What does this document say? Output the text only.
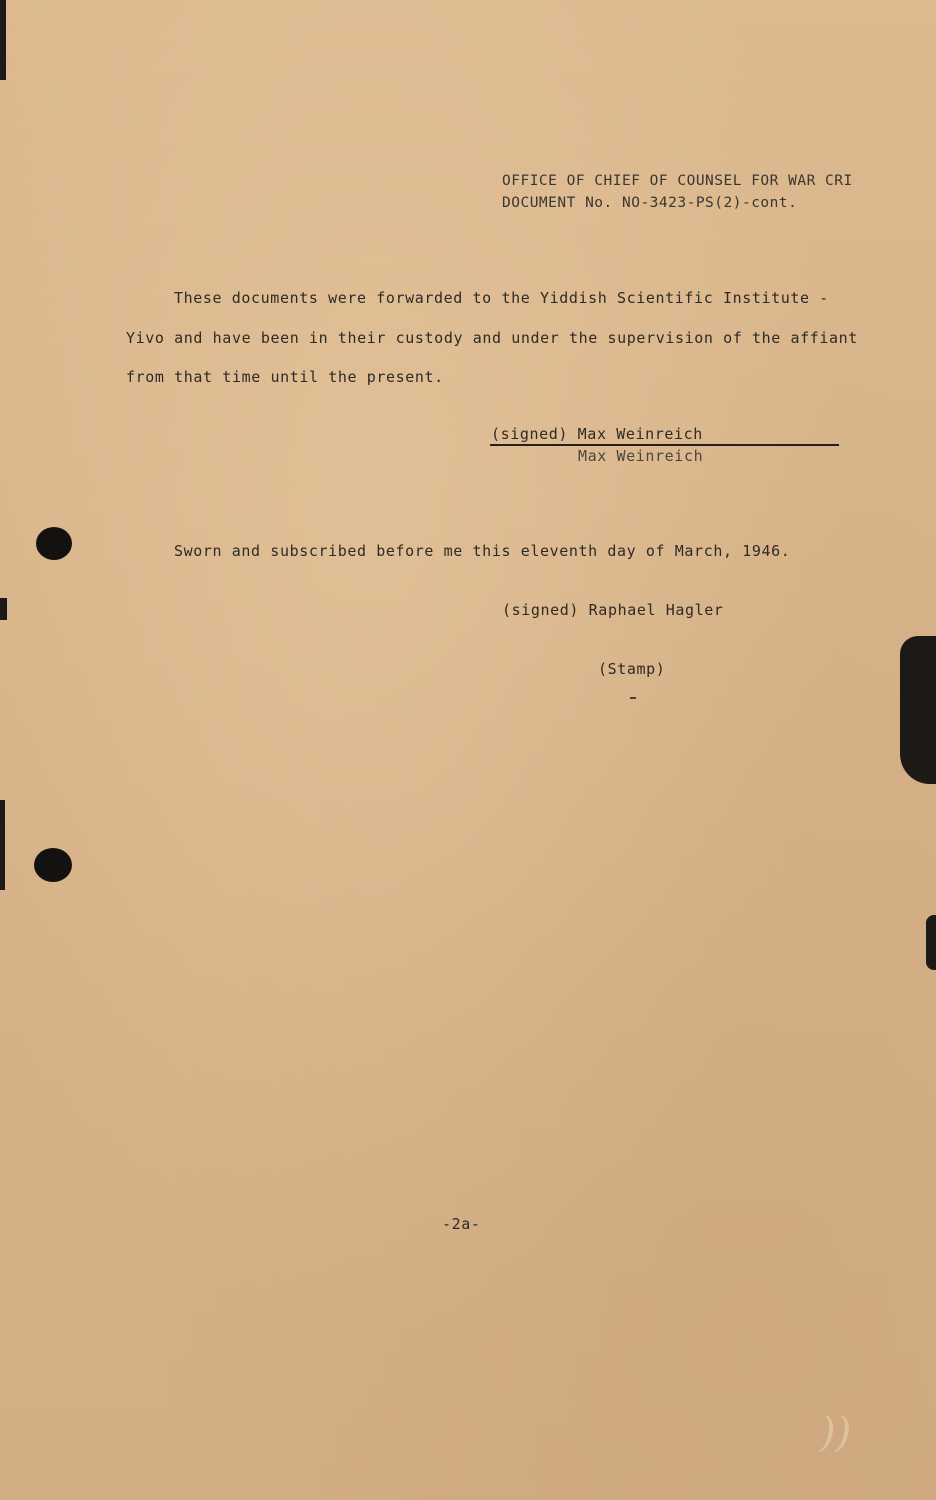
OFFICE OF CHIEF OF COUNSEL FOR WAR CRI

DOCUMENT No. NO-3423-PS(2)-cont.

These documents were forwarded to the Yiddish Scientific Institute -

Yivo and have been in their custody and under the supervision of the affiant

from that time until the present.

(signed) Max Weinreich

Max Weinreich

Sworn and subscribed before me this eleventh day of March, 1946.

(signed) Raphael Hagler

(Stamp)

-2a-

))
